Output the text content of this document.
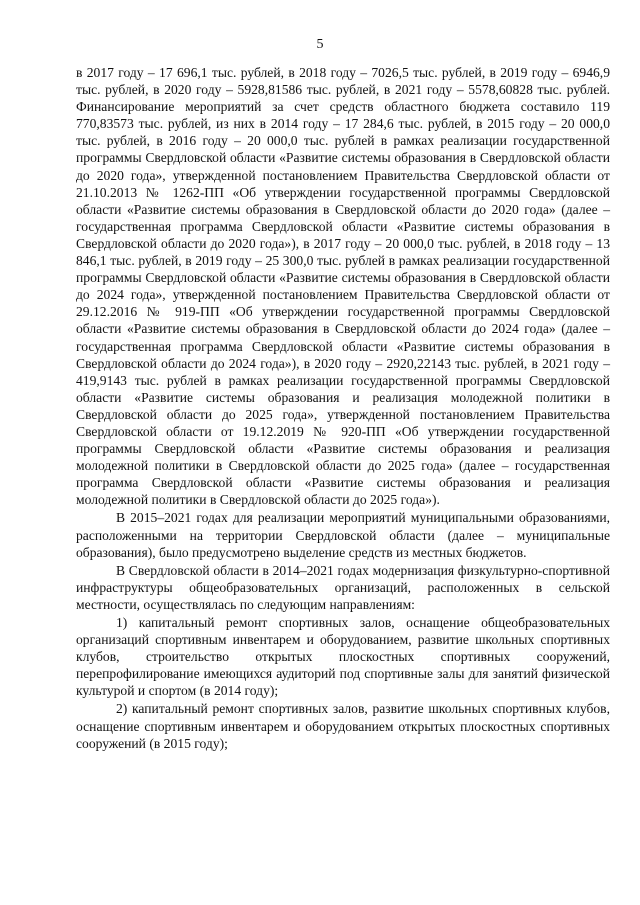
5

в 2017 году – 17 696,1 тыс. рублей, в 2018 году – 7026,5 тыс. рублей, в 2019 году – 6946,9 тыс. рублей, в 2020 году – 5928,81586 тыс. рублей, в 2021 году – 5578,60828 тыс. рублей. Финансирование мероприятий за счет средств областного бюджета составило 119 770,83573 тыс. рублей, из них в 2014 году – 17 284,6 тыс. рублей, в 2015 году – 20 000,0 тыс. рублей, в 2016 году – 20 000,0 тыс. рублей в рамках реализации государственной программы Свердловской области «Развитие системы образования в Свердловской области до 2020 года», утвержденной постановлением Правительства Свердловской области от 21.10.2013 № 1262-ПП «Об утверждении государственной программы Свердловской области «Развитие системы образования в Свердловской области до 2020 года» (далее – государственная программа Свердловской области «Развитие системы образования в Свердловской области до 2020 года»), в 2017 году – 20 000,0 тыс. рублей, в 2018 году – 13 846,1 тыс. рублей, в 2019 году – 25 300,0 тыс. рублей в рамках реализации государственной программы Свердловской области «Развитие системы образования в Свердловской области до 2024 года», утвержденной постановлением Правительства Свердловской области от 29.12.2016 № 919-ПП «Об утверждении государственной программы Свердловской области «Развитие системы образования в Свердловской области до 2024 года» (далее – государственная программа Свердловской области «Развитие системы образования в Свердловской области до 2024 года»), в 2020 году – 2920,22143 тыс. рублей, в 2021 году – 419,9143 тыс. рублей в рамках реализации государственной программы Свердловской области «Развитие системы образования и реализация молодежной политики в Свердловской области до 2025 года», утвержденной постановлением Правительства Свердловской области от 19.12.2019 № 920-ПП «Об утверждении государственной программы Свердловской области «Развитие системы образования и реализация молодежной политики в Свердловской области до 2025 года» (далее – государственная программа Свердловской области «Развитие системы образования и реализация молодежной политики в Свердловской области до 2025 года»).

В 2015–2021 годах для реализации мероприятий муниципальными образованиями, расположенными на территории Свердловской области (далее – муниципальные образования), было предусмотрено выделение средств из местных бюджетов.

В Свердловской области в 2014–2021 годах модернизация физкультурно-спортивной инфраструктуры общеобразовательных организаций, расположенных в сельской местности, осуществлялась по следующим направлениям:

1) капитальный ремонт спортивных залов, оснащение общеобразовательных организаций спортивным инвентарем и оборудованием, развитие школьных спортивных клубов, строительство открытых плоскостных спортивных сооружений, перепрофилирование имеющихся аудиторий под спортивные залы для занятий физической культурой и спортом (в 2014 году);

2) капитальный ремонт спортивных залов, развитие школьных спортивных клубов, оснащение спортивным инвентарем и оборудованием открытых плоскостных спортивных сооружений (в 2015 году);
